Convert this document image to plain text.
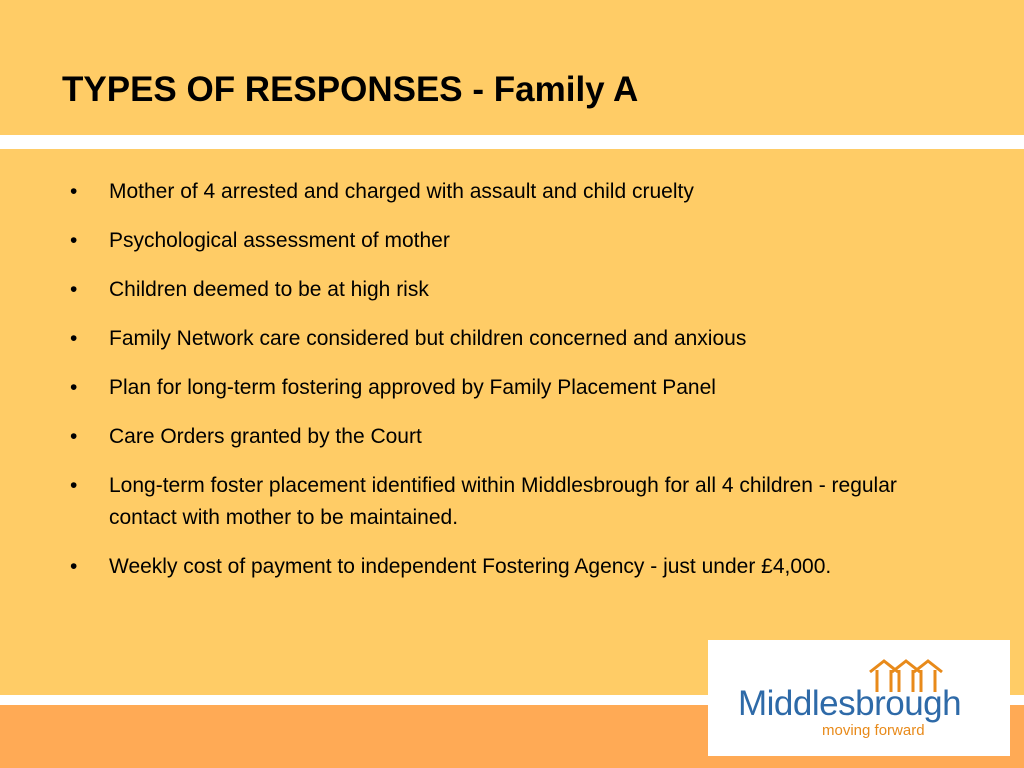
TYPES OF RESPONSES - Family A
• Mother of 4 arrested and charged with assault and child cruelty
• Psychological assessment of mother
• Children deemed to be at high risk
• Family Network care considered but children concerned and anxious
• Plan for long-term fostering approved by Family Placement Panel
• Care Orders granted by the Court
• Long-term foster placement identified within Middlesbrough for all 4 children - regular contact with mother to be maintained.
• Weekly cost of payment to independent Fostering Agency - just under £4,000.
Middlesbrough
moving forward
